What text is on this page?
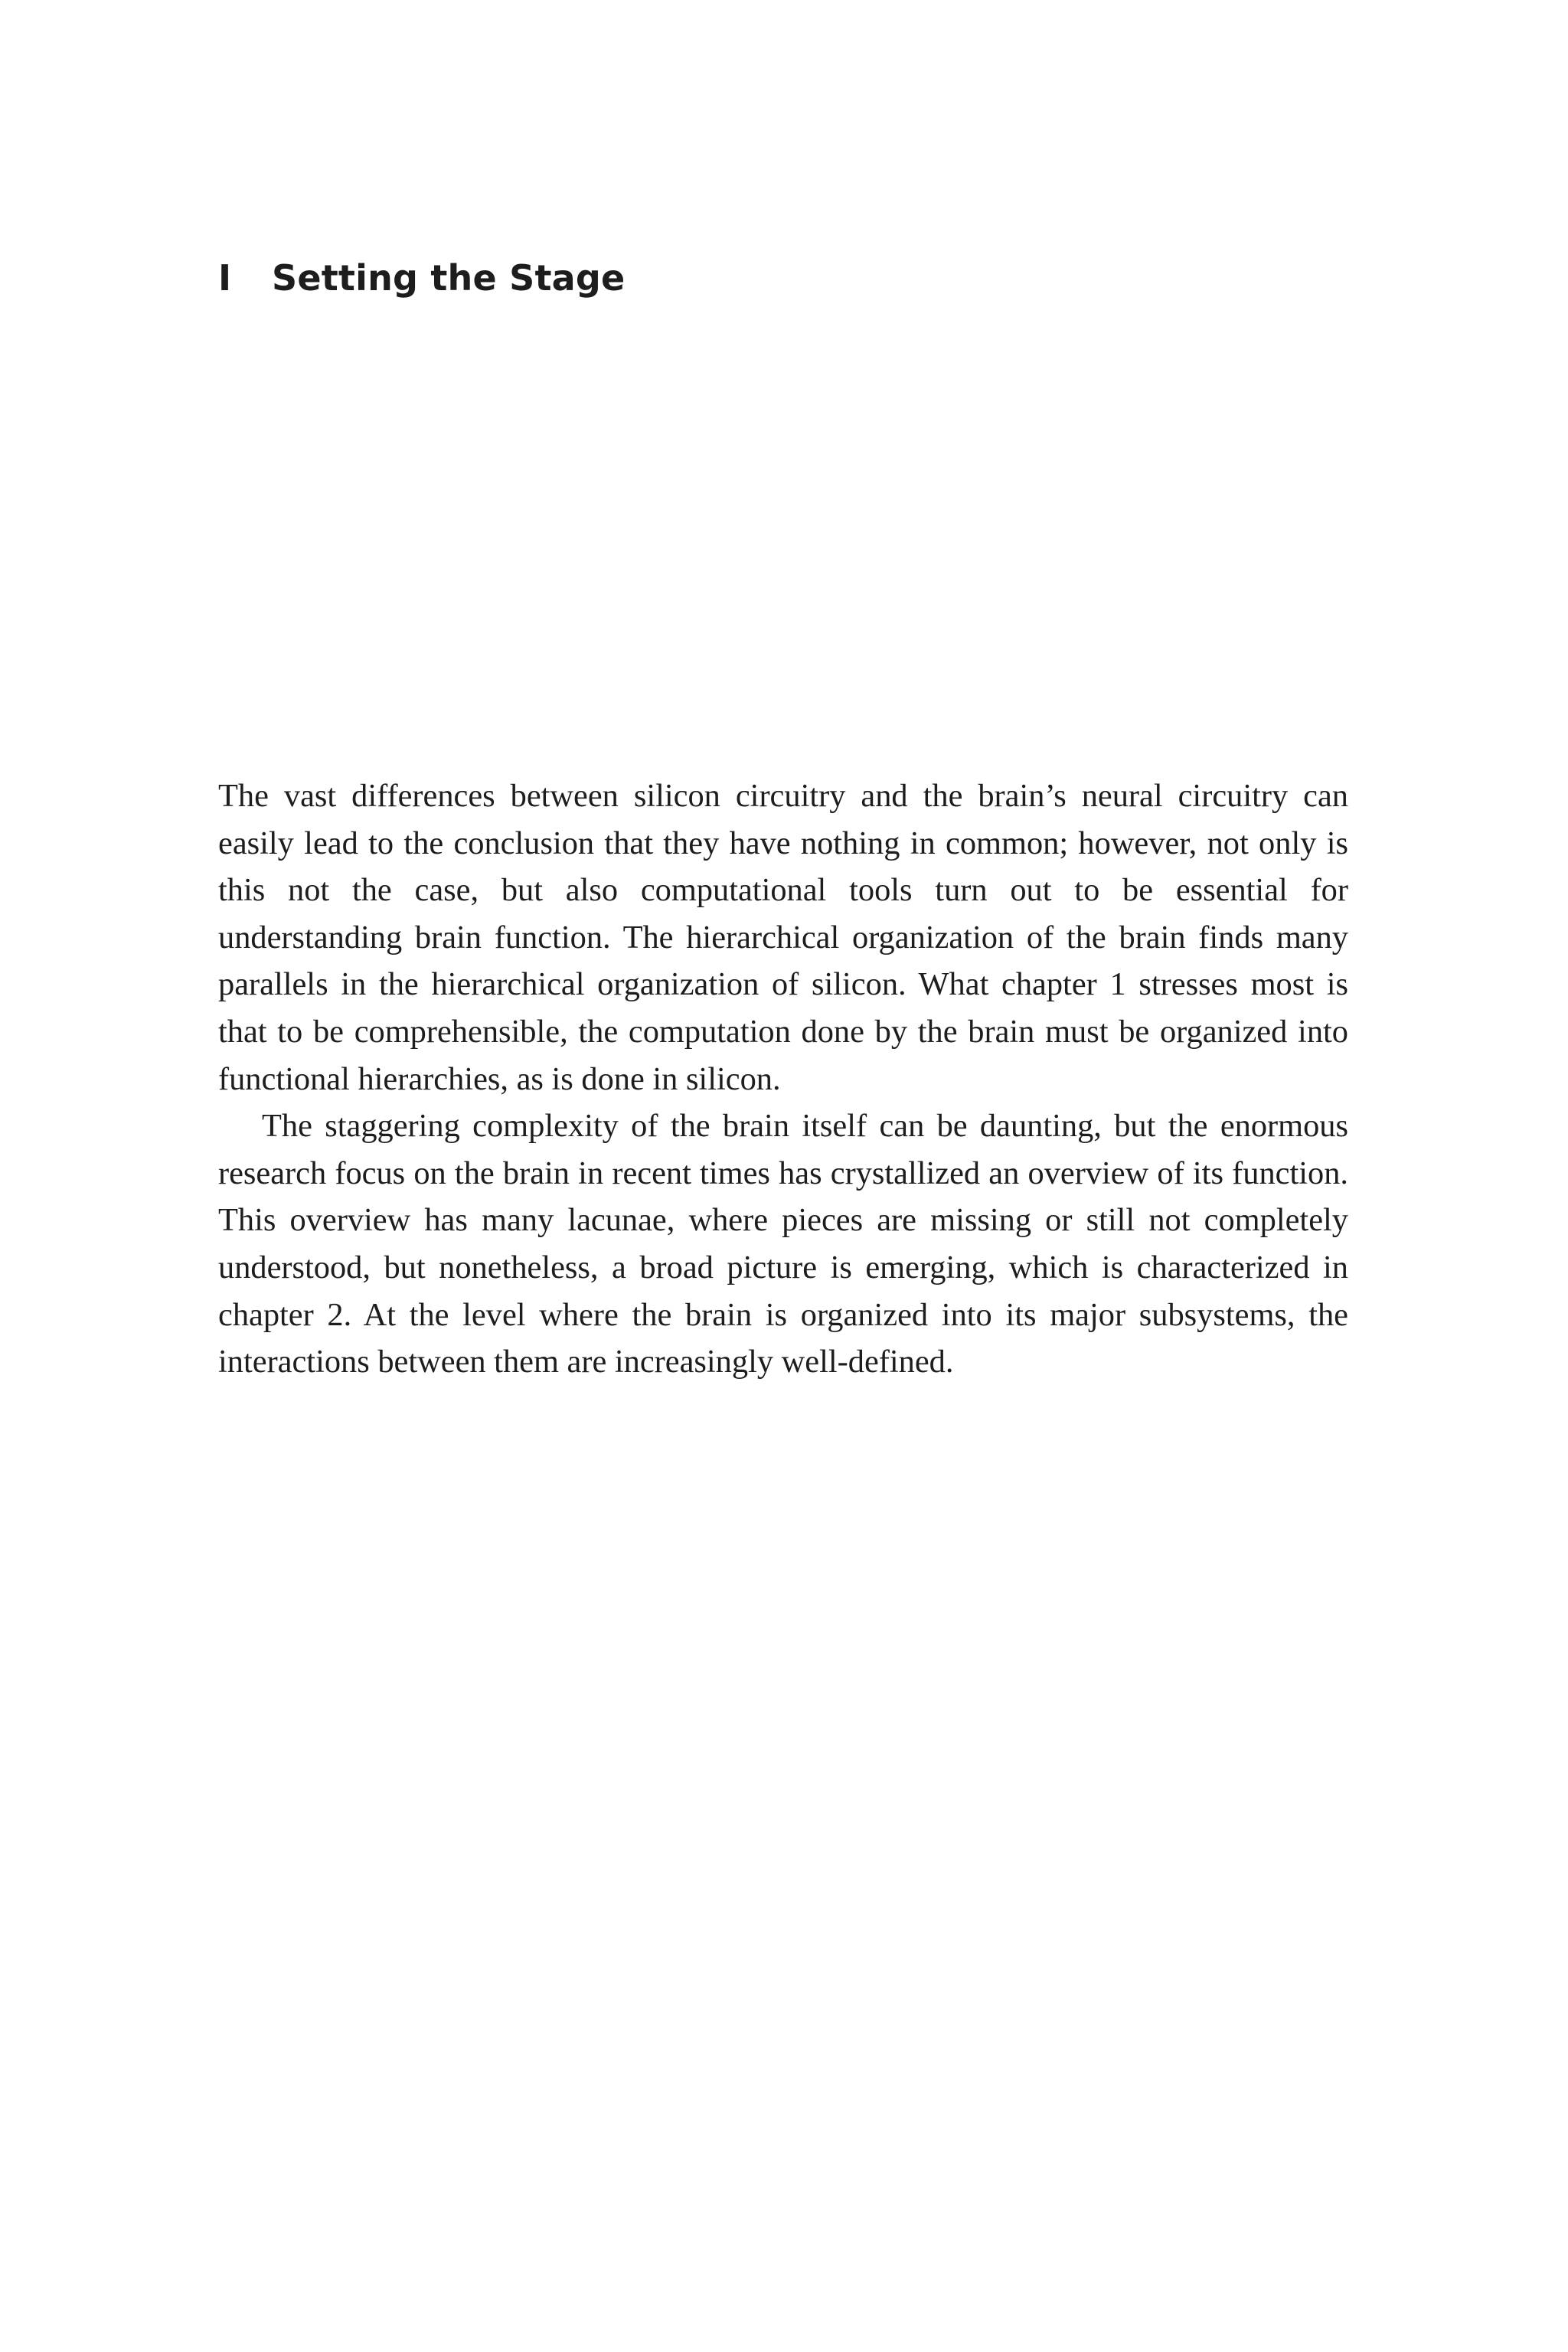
I Setting the Stage

The vast differences between silicon circuitry and the brain’s neural circuitry can easily lead to the conclusion that they have nothing in common; however, not only is this not the case, but also computational tools turn out to be essential for understanding brain function. The hierarchical organization of the brain finds many parallels in the hierarchical organization of silicon. What chapter 1 stresses most is that to be comprehensible, the computation done by the brain must be organized into functional hierarchies, as is done in silicon.

The staggering complexity of the brain itself can be daunting, but the enormous research focus on the brain in recent times has crystallized an overview of its function. This overview has many lacunae, where pieces are missing or still not completely understood, but nonetheless, a broad picture is emerging, which is characterized in chapter 2. At the level where the brain is organized into its major subsystems, the interactions between them are increasingly well-defined.
